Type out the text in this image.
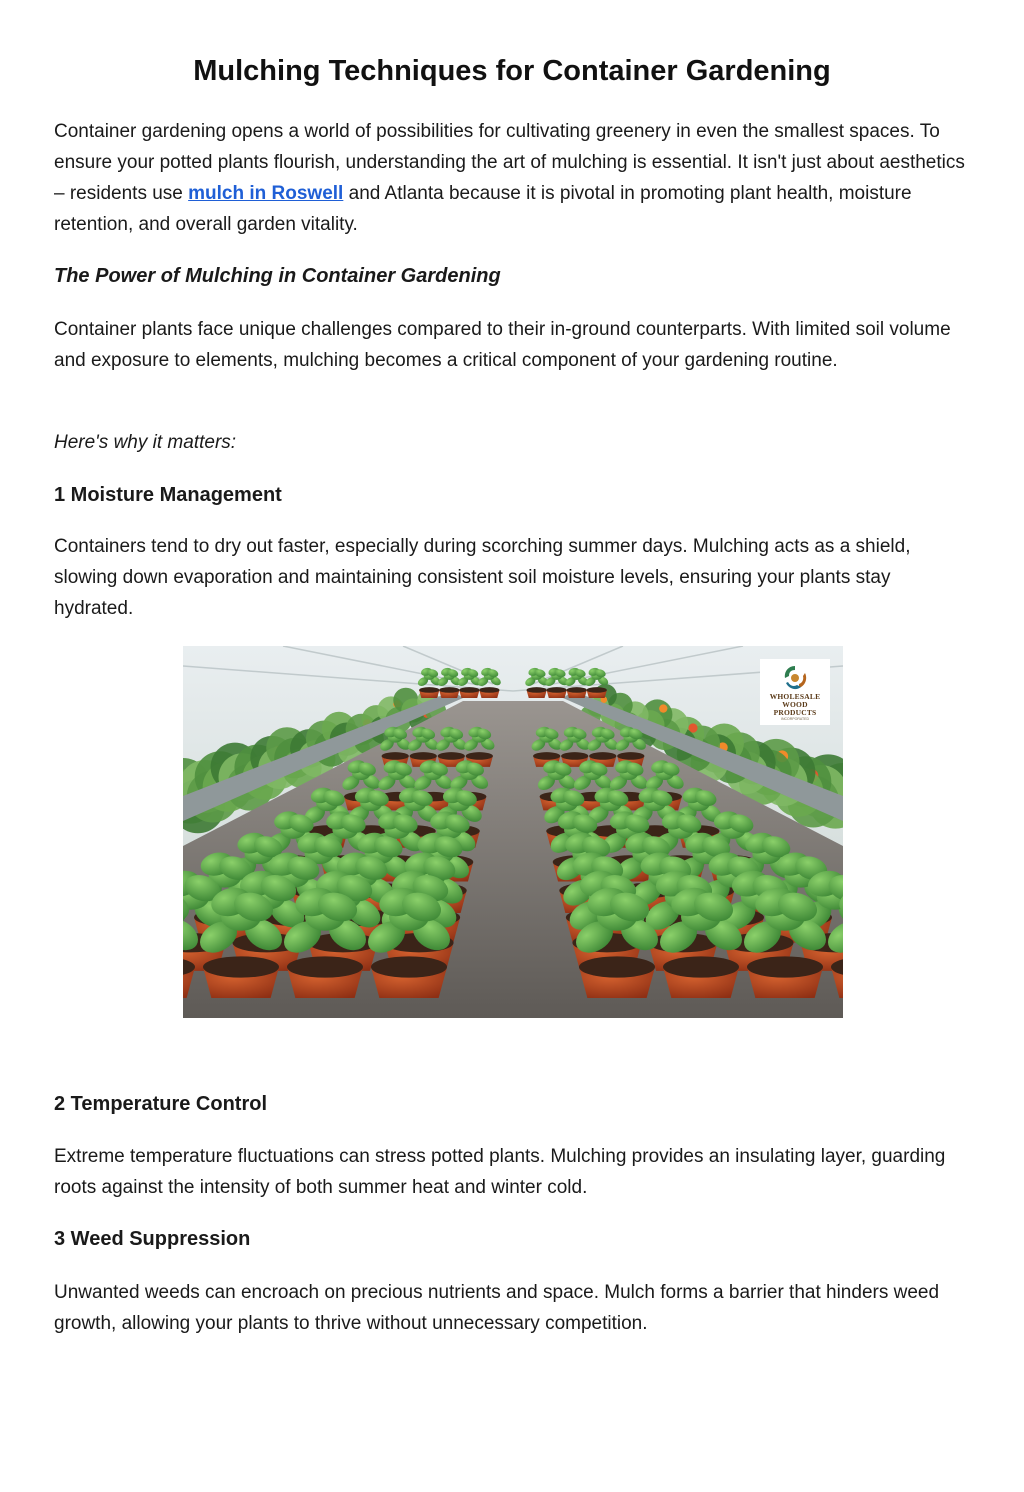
Mulching Techniques for Container Gardening

Container gardening opens a world of possibilities for cultivating greenery in even the smallest spaces. To ensure your potted plants flourish, understanding the art of mulching is essential. It isn't just about aesthetics – residents use mulch in Roswell and Atlanta because it is pivotal in promoting plant health, moisture retention, and overall garden vitality.

The Power of Mulching in Container Gardening

Container plants face unique challenges compared to their in-ground counterparts. With limited soil volume and exposure to elements, mulching becomes a critical component of your gardening routine.

Here's why it matters:

1 Moisture Management

Containers tend to dry out faster, especially during scorching summer days. Mulching acts as a shield, slowing down evaporation and maintaining consistent soil moisture levels, ensuring your plants stay hydrated.

2 Temperature Control

Extreme temperature fluctuations can stress potted plants. Mulching provides an insulating layer, guarding roots against the intensity of both summer heat and winter cold.

3 Weed Suppression

Unwanted weeds can encroach on precious nutrients and space. Mulch forms a barrier that hinders weed growth, allowing your plants to thrive without unnecessary competition.

WHOLESALE
WOOD PRODUCTS
INCORPORATED
